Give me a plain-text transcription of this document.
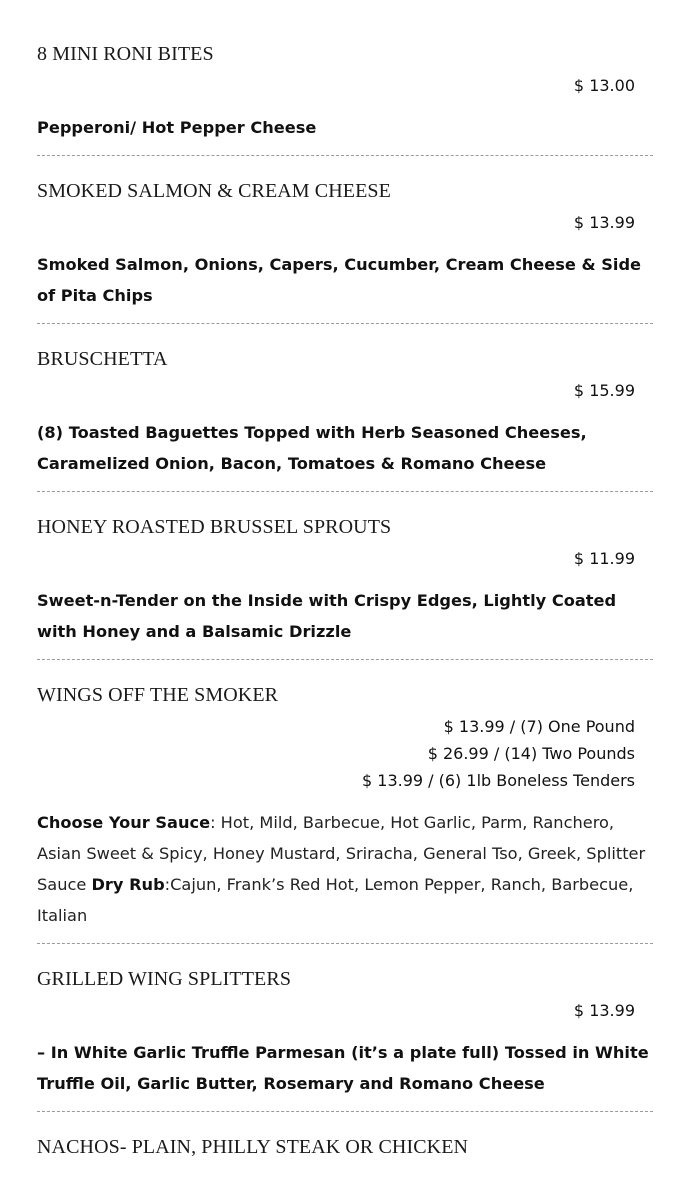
8 MINI RONI BITES
$ 13.00
Pepperoni/ Hot Pepper Cheese
SMOKED SALMON & CREAM CHEESE
$ 13.99
Smoked Salmon, Onions, Capers, Cucumber, Cream Cheese & Side of Pita Chips
BRUSCHETTA
$ 15.99
(8) Toasted Baguettes Topped with Herb Seasoned Cheeses, Caramelized Onion, Bacon, Tomatoes & Romano Cheese
HONEY ROASTED BRUSSEL SPROUTS
$ 11.99
Sweet-n-Tender on the Inside with Crispy Edges, Lightly Coated with Honey and a Balsamic Drizzle
WINGS OFF THE SMOKER
$ 13.99 / (7) One Pound
$ 26.99 / (14) Two Pounds
$ 13.99 / (6) 1lb Boneless Tenders
Choose Your Sauce: Hot, Mild, Barbecue, Hot Garlic, Parm, Ranchero, Asian Sweet & Spicy, Honey Mustard, Sriracha, General Tso, Greek, Splitter Sauce Dry Rub:Cajun, Frank’s Red Hot, Lemon Pepper, Ranch, Barbecue, Italian
GRILLED WING SPLITTERS
$ 13.99
– In White Garlic Truffle Parmesan (it’s a plate full) Tossed in White Truffle Oil, Garlic Butter, Rosemary and Romano Cheese
NACHOS- PLAIN, PHILLY STEAK OR CHICKEN
